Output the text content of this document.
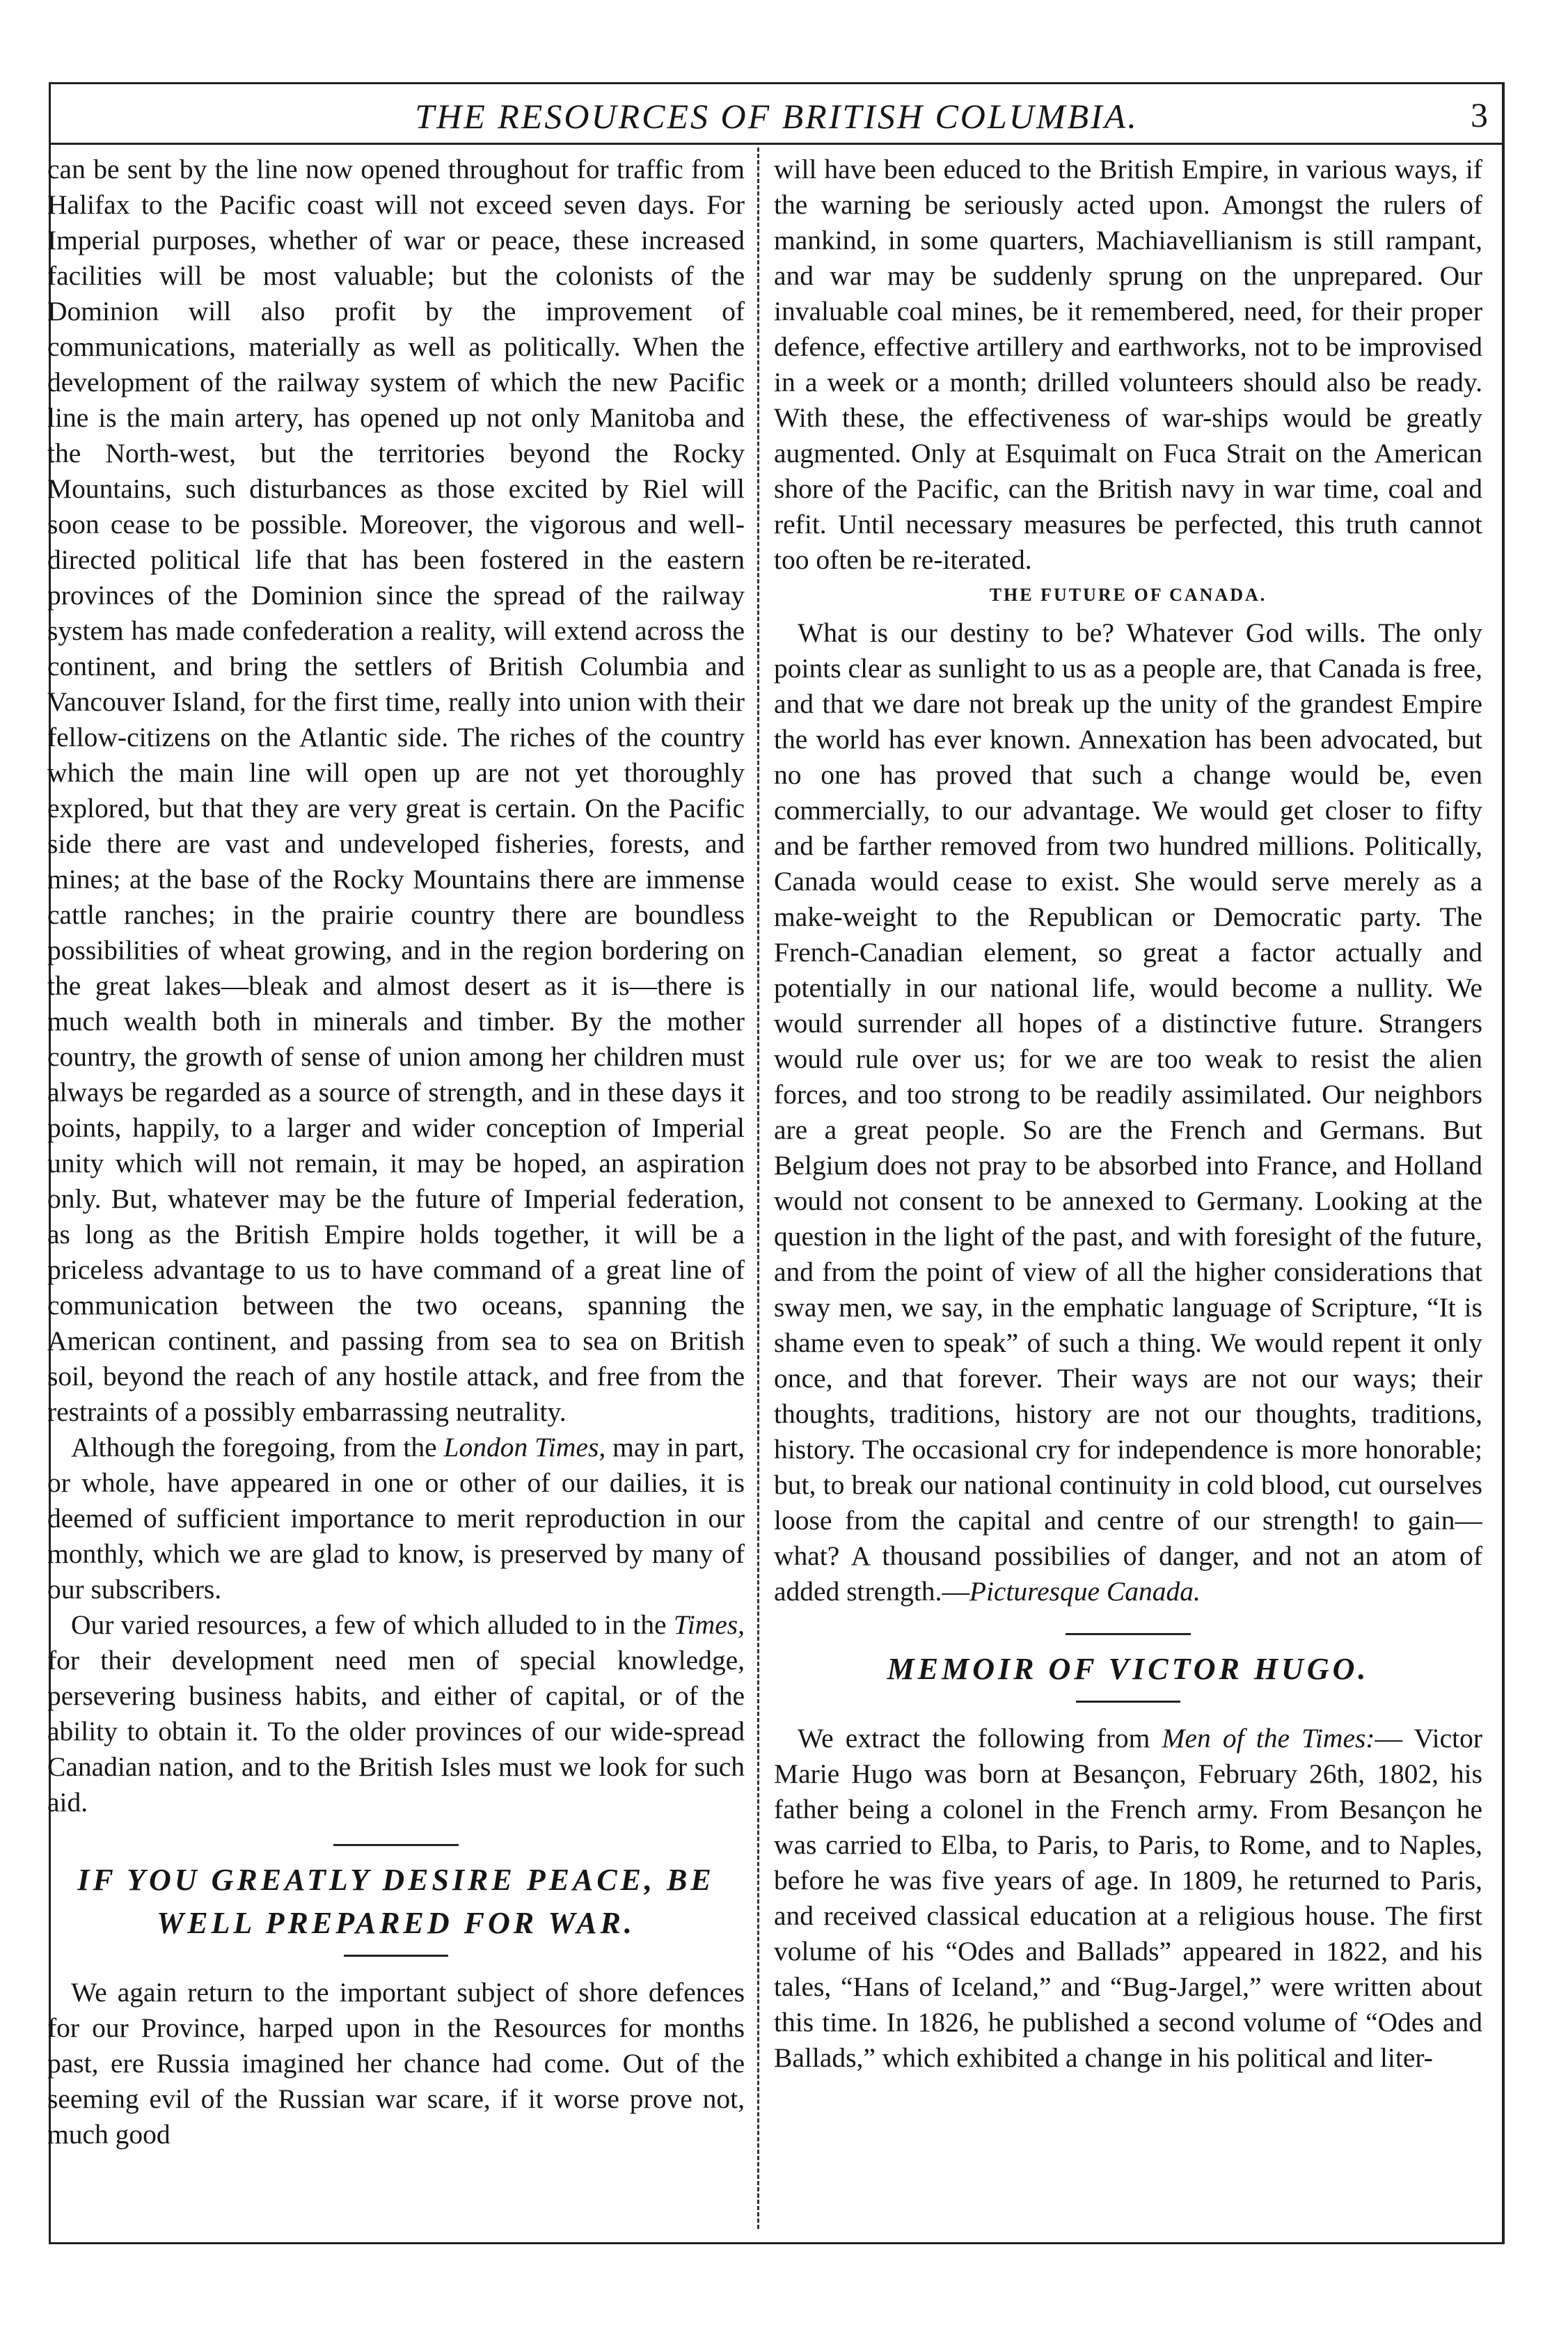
THE RESOURCES OF BRITISH COLUMBIA.	3

can be sent by the line now opened throughout for traffic from Halifax to the Pacific coast will not exceed seven days. For Imperial purposes, whether of war or peace, these increased facilities will be most valuable; but the colonists of the Dominion will also profit by the improvement of communications, materially as well as politically. When the development of the railway system of which the new Pacific line is the main artery, has opened up not only Manitoba and the North-west, but the territories beyond the Rocky Mountains, such disturbances as those excited by Riel will soon cease to be possible. Moreover, the vigorous and well-directed political life that has been fostered in the eastern provinces of the Dominion since the spread of the railway system has made confederation a reality, will extend across the continent, and bring the settlers of British Columbia and Vancouver Island, for the first time, really into union with their fellow-citizens on the Atlantic side. The riches of the country which the main line will open up are not yet thoroughly explored, but that they are very great is certain. On the Pacific side there are vast and undeveloped fisheries, forests, and mines; at the base of the Rocky Mountains there are immense cattle ranches; in the prairie country there are boundless possibilities of wheat growing, and in the region bordering on the great lakes—bleak and almost desert as it is—there is much wealth both in minerals and timber. By the mother country, the growth of sense of union among her children must always be regarded as a source of strength, and in these days it points, happily, to a larger and wider conception of Imperial unity which will not remain, it may be hoped, an aspiration only. But, whatever may be the future of Imperial federation, as long as the British Empire holds together, it will be a priceless advantage to us to have command of a great line of communication between the two oceans, spanning the American continent, and passing from sea to sea on British soil, beyond the reach of any hostile attack, and free from the restraints of a possibly embarrassing neutrality.

Although the foregoing, from the London Times, may in part, or whole, have appeared in one or other of our dailies, it is deemed of sufficient importance to merit reproduction in our monthly, which we are glad to know, is preserved by many of our subscribers.

Our varied resources, a few of which alluded to in the Times, for their development need men of special knowledge, persevering business habits, and either of capital, or of the ability to obtain it. To the older provinces of our wide-spread Canadian nation, and to the British Isles must we look for such aid.

IF YOU GREATLY DESIRE PEACE, BE WELL PREPARED FOR WAR.

We again return to the important subject of shore defences for our Province, harped upon in the Resources for months past, ere Russia imagined her chance had come. Out of the seeming evil of the Russian war scare, if it worse prove not, much good

will have been educed to the British Empire, in various ways, if the warning be seriously acted upon. Amongst the rulers of mankind, in some quarters, Machiavellianism is still rampant, and war may be suddenly sprung on the unprepared. Our invaluable coal mines, be it remembered, need, for their proper defence, effective artillery and earthworks, not to be improvised in a week or a month; drilled volunteers should also be ready. With these, the effectiveness of war-ships would be greatly augmented. Only at Esquimalt on Fuca Strait on the American shore of the Pacific, can the British navy in war time, coal and refit. Until necessary measures be perfected, this truth cannot too often be re-iterated.

THE FUTURE OF CANADA.

What is our destiny to be? Whatever God wills. The only points clear as sunlight to us as a people are, that Canada is free, and that we dare not break up the unity of the grandest Empire the world has ever known. Annexation has been advocated, but no one has proved that such a change would be, even commercially, to our advantage. We would get closer to fifty and be farther removed from two hundred millions. Politically, Canada would cease to exist. She would serve merely as a make-weight to the Republican or Democratic party. The French-Canadian element, so great a factor actually and potentially in our national life, would become a nullity. We would surrender all hopes of a distinctive future. Strangers would rule over us; for we are too weak to resist the alien forces, and too strong to be readily assimilated. Our neighbors are a great people. So are the French and Germans. But Belgium does not pray to be absorbed into France, and Holland would not consent to be annexed to Germany. Looking at the question in the light of the past, and with foresight of the future, and from the point of view of all the higher considerations that sway men, we say, in the emphatic language of Scripture, “It is shame even to speak” of such a thing. We would repent it only once, and that forever. Their ways are not our ways; their thoughts, traditions, history are not our thoughts, traditions, history. The occasional cry for independence is more honorable; but, to break our national continuity in cold blood, cut ourselves loose from the capital and centre of our strength! to gain—what? A thousand possibilies of danger, and not an atom of added strength.—Picturesque Canada.

MEMOIR OF VICTOR HUGO.

We extract the following from Men of the Times:— Victor Marie Hugo was born at Besançon, February 26th, 1802, his father being a colonel in the French army. From Besançon he was carried to Elba, to Paris, to Paris, to Rome, and to Naples, before he was five years of age. In 1809, he returned to Paris, and received classical education at a religious house. The first volume of his “Odes and Ballads” appeared in 1822, and his tales, “Hans of Iceland,” and “Bug-Jargel,” were written about this time. In 1826, he published a second volume of “Odes and Ballads,” which exhibited a change in his political and liter-
